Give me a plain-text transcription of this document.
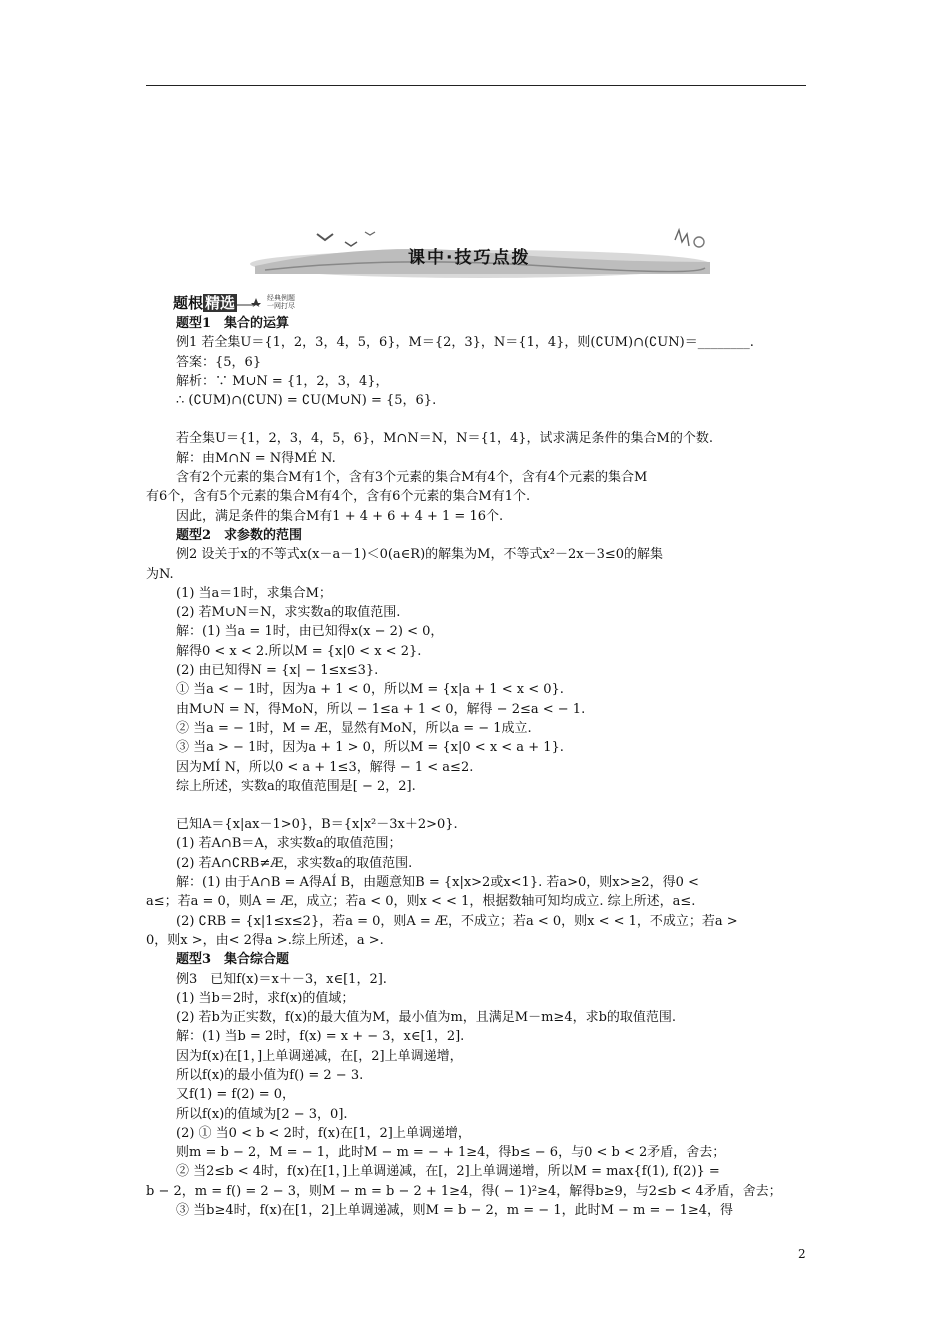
课中·技巧点拨
题根 精选	经典例题
一网打尽

题型1　集合的运算

例1 若全集U＝{1，2，3，4，5，6}，M＝{2，3}，N＝{1，4}，则(∁UM)∩(∁UN)＝________.

答案：{5，6}

解析：∵ M∪N = {1，2，3，4}，

∴ (∁UM)∩(∁UN) = ∁U(M∪N) = {5，6}.

若全集U＝{1，2，3，4，5，6}，M∩N＝N，N＝{1，4}，试求满足条件的集合M的个数.

解：由M∩N = N得MÉ N.

含有2个元素的集合M有1个，含有3个元素的集合M有4个，含有4个元素的集合M

有6个，含有5个元素的集合M有4个，含有6个元素的集合M有1个.

因此，满足条件的集合M有1 + 4 + 6 + 4 + 1 = 16个.

题型2　求参数的范围

例2 设关于x的不等式x(x－a－1)＜0(a∈R)的解集为M，不等式x²－2x－3≤0的解集

为N.

(1) 当a＝1时，求集合M；

(2) 若M∪N＝N，求实数a的取值范围.

解：(1) 当a = 1时，由已知得x(x − 2) < 0，

解得0 < x < 2.所以M = {x|0 < x < 2}.

(2) 由已知得N = {x| − 1≤x≤3}.

① 当a < − 1时，因为a + 1 < 0，所以M = {x|a + 1 < x < 0}.

由M∪N = N，得MoN，所以 − 1≤a + 1 < 0，解得 − 2≤a < − 1.

② 当a = − 1时，M = Æ，显然有MoN，所以a = − 1成立.

③ 当a > − 1时，因为a + 1 > 0，所以M = {x|0 < x < a + 1}.

因为MÍ N，所以0 < a + 1≤3，解得 − 1 < a≤2.

综上所述，实数a的取值范围是[ − 2，2].

已知A＝{x|ax－1>0}，B＝{x|x²－3x＋2>0}.

(1) 若A∩B＝A，求实数a的取值范围；

(2) 若A∩∁RB≠Æ，求实数a的取值范围.

解：(1) 由于A∩B = A得AÍ B，由题意知B = {x|x>2或x<1}. 若a>0，则x>≥2，得0 <

a≤；若a = 0，则A = Æ，成立；若a < 0，则x < < 1，根据数轴可知均成立. 综上所述，a≤.

(2) ∁RB = {x|1≤x≤2}，若a = 0，则A = Æ，不成立；若a < 0，则x < < 1，不成立；若a >

0，则x >，由< 2得a >.综上所述，a >.

题型3　集合综合题

例3　已知f(x)＝x＋－3，x∈[1，2].

(1) 当b＝2时，求f(x)的值域；

(2) 若b为正实数，f(x)的最大值为M，最小值为m，且满足M－m≥4，求b的取值范围.

解：(1) 当b = 2时，f(x) = x + − 3，x∈[1，2].

因为f(x)在[1，]上单调递减，在[，2]上单调递增，

所以f(x)的最小值为f() = 2 − 3.

又f(1) = f(2) = 0，

所以f(x)的值域为[2 − 3，0].

(2) ① 当0 < b < 2时，f(x)在[1，2]上单调递增，

则m = b − 2，M = − 1，此时M − m = − + 1≥4，得b≤ − 6，与0 < b < 2矛盾，舍去；

② 当2≤b < 4时，f(x)在[1，]上单调递减，在[，2]上单调递增，所以M = max{f(1), f(2)} =

b − 2，m = f() = 2 − 3，则M − m = b − 2 + 1≥4，得( − 1)²≥4，解得b≥9，与2≤b < 4矛盾，舍去；

③ 当b≥4时，f(x)在[1，2]上单调递减，则M = b − 2，m = − 1，此时M − m = − 1≥4，得

2
